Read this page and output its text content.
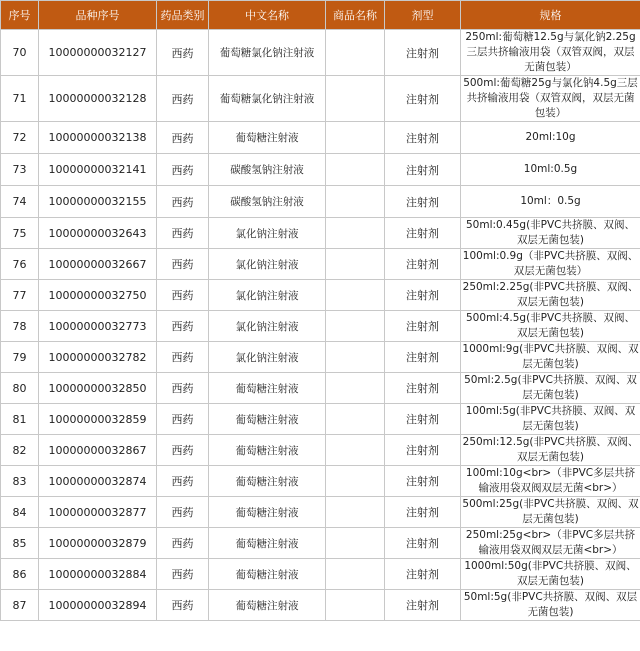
序号	品种序号	药品类别	中文名称	商品名称	剂型	规格
70	10000000032127	西药	葡萄糖氯化钠注射液		注射剂	250ml:葡萄糖12.5g与氯化钠2.25g
三层共挤输液用袋（双管双阀，双层
无菌包装）

71	10000000032128	西药	葡萄糖氯化钠注射液		注射剂	500ml:葡萄糖25g与氯化钠4.5g三层
共挤输液用袋（双管双阀，双层无菌
包装）

72	10000000032138	西药	葡萄糖注射液		注射剂	20ml:10g

73	10000000032141	西药	碳酸氢钠注射液		注射剂	10ml:0.5g

74	10000000032155	西药	碳酸氢钠注射液		注射剂	10ml：0.5g

75	10000000032643	西药	氯化钠注射液		注射剂	50ml:0.45g(非PVC共挤膜、双阀、
双层无菌包装)

76	10000000032667	西药	氯化钠注射液		注射剂	100ml:0.9g（非PVC共挤膜、双阀、
双层无菌包装）

77	10000000032750	西药	氯化钠注射液		注射剂	250ml:2.25g(非PVC共挤膜、双阀、
双层无菌包装)

78	10000000032773	西药	氯化钠注射液		注射剂	500ml:4.5g(非PVC共挤膜、双阀、
双层无菌包装)

79	10000000032782	西药	氯化钠注射液		注射剂	1000ml:9g(非PVC共挤膜、双阀、双
层无菌包装)

80	10000000032850	西药	葡萄糖注射液		注射剂	50ml:2.5g(非PVC共挤膜、双阀、双
层无菌包装)

81	10000000032859	西药	葡萄糖注射液		注射剂	100ml:5g(非PVC共挤膜、双阀、双
层无菌包装)

82	10000000032867	西药	葡萄糖注射液		注射剂	250ml:12.5g(非PVC共挤膜、双阀、
双层无菌包装)

83	10000000032874	西药	葡萄糖注射液		注射剂	100ml:10g<br>（非PVC多层共挤
输液用袋双阀双层无菌<br>）

84	10000000032877	西药	葡萄糖注射液		注射剂	500ml:25g(非PVC共挤膜、双阀、双
层无菌包装)

85	10000000032879	西药	葡萄糖注射液		注射剂	250ml:25g<br>（非PVC多层共挤
输液用袋双阀双层无菌<br>）

86	10000000032884	西药	葡萄糖注射液		注射剂	1000ml:50g(非PVC共挤膜、双阀、
双层无菌包装)

87	10000000032894	西药	葡萄糖注射液		注射剂	50ml:5g(非PVC共挤膜、双阀、双层
无菌包装)
